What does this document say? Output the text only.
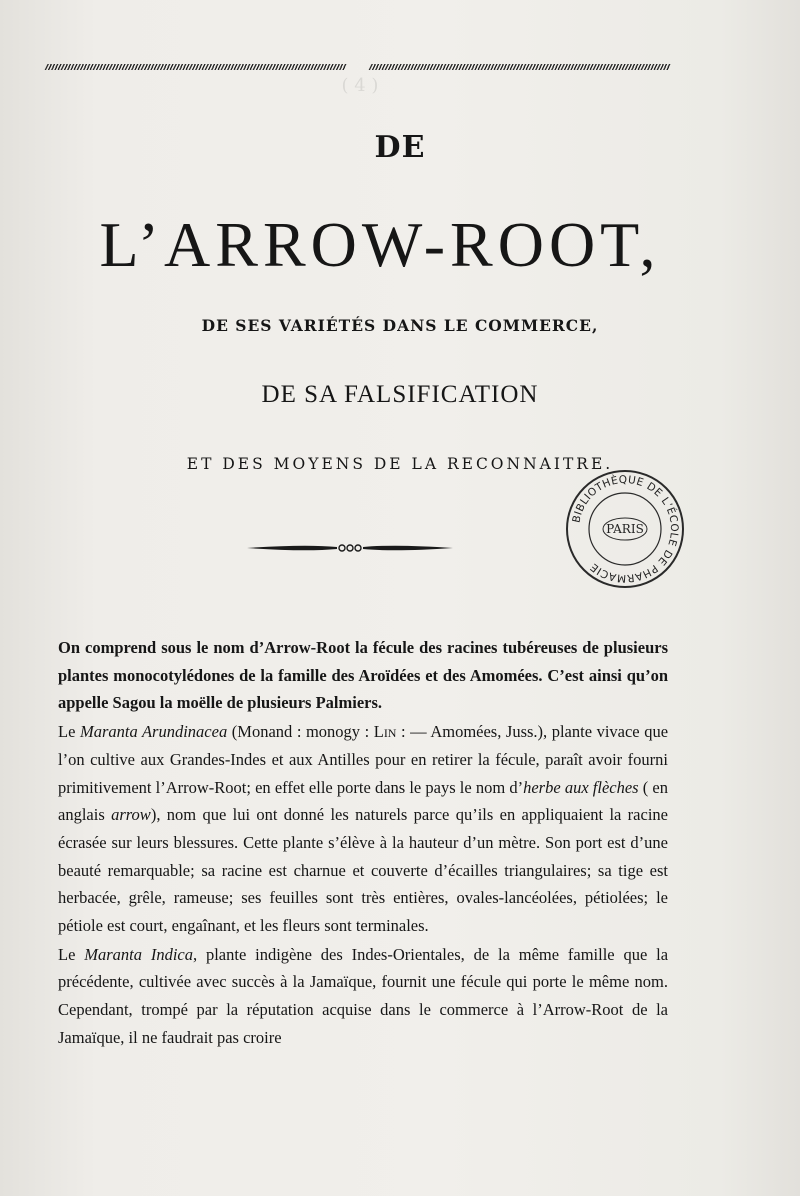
( 4 )
DE
L’ARROW-ROOT,
DE SES VARIÉTÉS DANS LE COMMERCE,
DE SA FALSIFICATION
ET DES MOYENS DE LA RECONNAITRE.
BIBLIOTHÈQUE DE L’ÉCOLE DE PHARMACIE
PARIS

On comprend sous le nom d’Arrow-Root la fécule des racines tubéreuses de plusieurs plantes monocotylédones de la famille des Aroïdées et des Amomées. C’est ainsi qu’on appelle Sagou la moëlle de plusieurs Palmiers.

Le Maranta Arundinacea (Monand : monogy : Lin : — Amomées, Juss.), plante vivace que l’on cultive aux Grandes-Indes et aux Antilles pour en retirer la fécule, paraît avoir fourni primitivement l’Arrow-Root; en effet elle porte dans le pays le nom d’herbe aux flèches ( en anglais arrow), nom que lui ont donné les naturels parce qu’ils en appliquaient la racine écrasée sur leurs blessures. Cette plante s’élève à la hauteur d’un mètre. Son port est d’une beauté remarquable; sa racine est charnue et couverte d’écailles triangulaires; sa tige est herbacée, grêle, rameuse; ses feuilles sont très entières, ovales-lancéolées, pétiolées; le pétiole est court, engaînant, et les fleurs sont terminales.

Le Maranta Indica, plante indigène des Indes-Orientales, de la même famille que la précédente, cultivée avec succès à la Jamaïque, fournit une fécule qui porte le même nom. Cependant, trompé par la réputation acquise dans le commerce à l’Arrow-Root de la Jamaïque, il ne faudrait pas croire
